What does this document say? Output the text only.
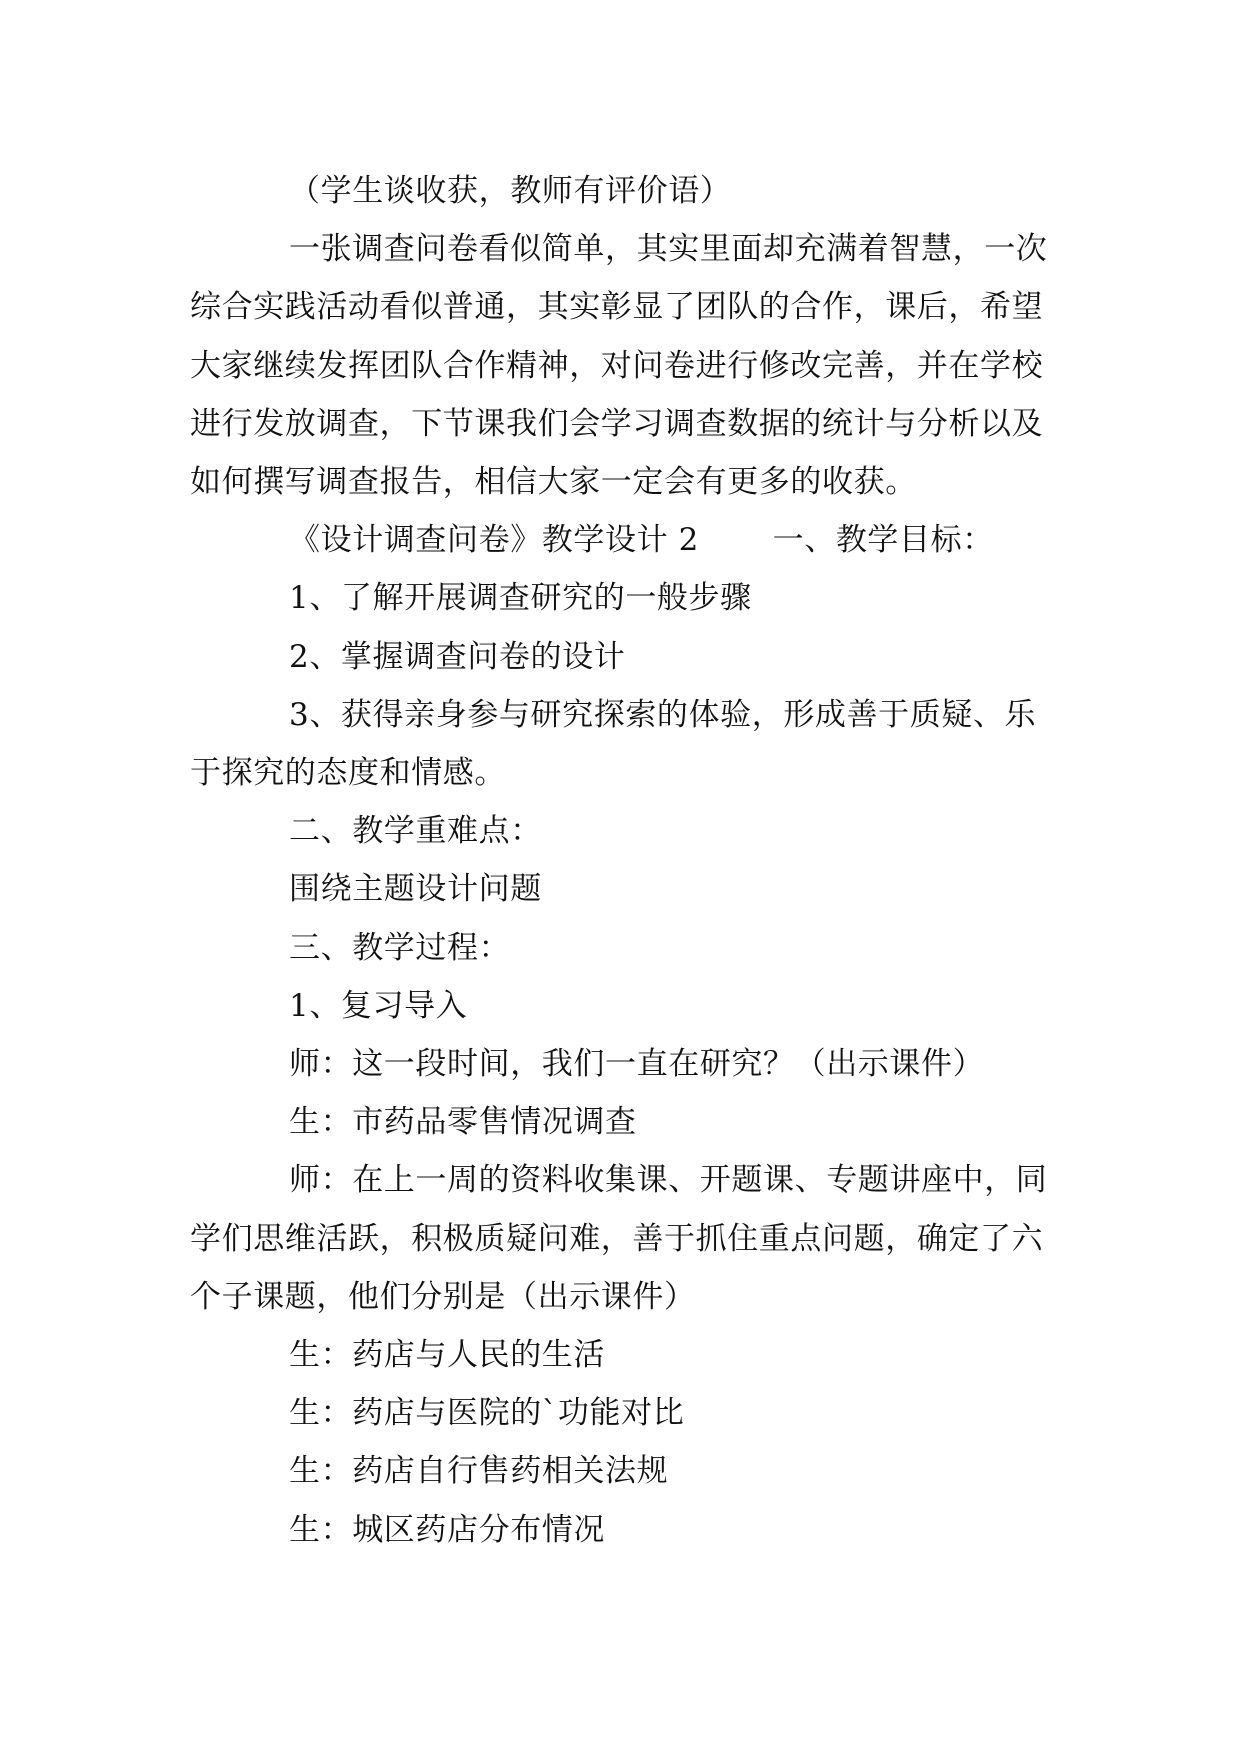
（学生谈收获，教师有评价语）

一张调查问卷看似简单，其实里面却充满着智慧，一次综合实践活动看似普通，其实彰显了团队的合作，课后，希望大家继续发挥团队合作精神，对问卷进行修改完善，并在学校进行发放调查，下节课我们会学习调查数据的统计与分析以及如何撰写调查报告，相信大家一定会有更多的收获。

《设计调查问卷》教学设计 2　　 一、教学目标：

1、了解开展调查研究的一般步骤

2、掌握调查问卷的设计

3、获得亲身参与研究探索的体验，形成善于质疑、乐于探究的态度和情感。

二、教学重难点：

围绕主题设计问题

三、教学过程：

1、复习导入

师：这一段时间，我们一直在研究？（出示课件）

生：市药品零售情况调查

师：在上一周的资料收集课、开题课、专题讲座中，同学们思维活跃，积极质疑问难，善于抓住重点问题，确定了六个子课题，他们分别是（出示课件）

生：药店与人民的生活

生：药店与医院的`功能对比

生：药店自行售药相关法规

生：城区药店分布情况
